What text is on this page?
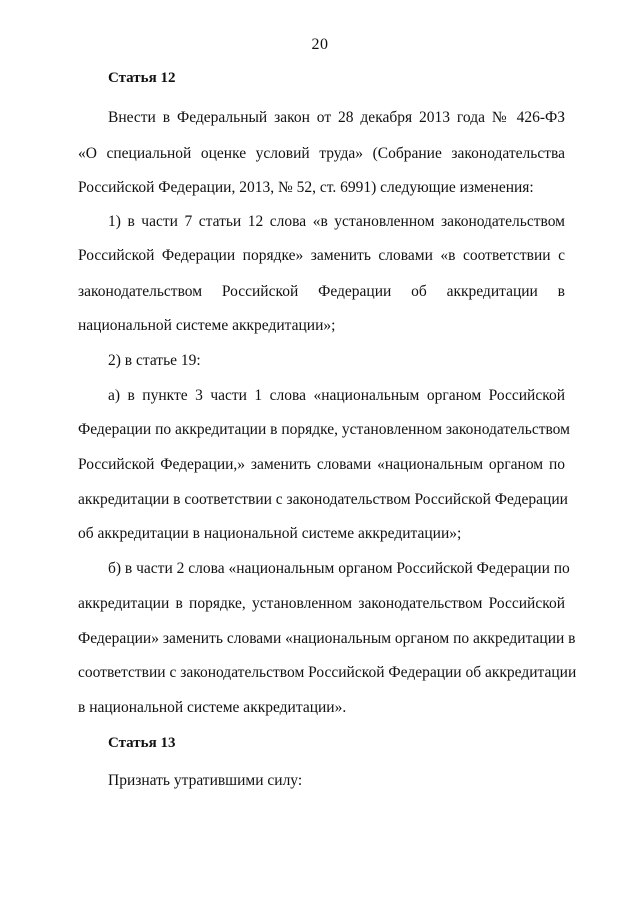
20
Статья 12
Внести в Федеральный закон от 28 декабря 2013 года № 426-ФЗ
«О специальной оценке условий труда» (Собрание законодательства
Российской Федерации, 2013, № 52, ст. 6991) следующие изменения:
1) в части 7 статьи 12 слова «в установленном законодательством
Российской Федерации порядке» заменить словами «в соответствии с
законодательством Российской Федерации об аккредитации в
национальной системе аккредитации»;
2) в статье 19:
а) в пункте 3 части 1 слова «национальным органом Российской
Федерации по аккредитации в порядке, установленном законодательством
Российской Федерации,» заменить словами «национальным органом по
аккредитации в соответствии с законодательством Российской Федерации
об аккредитации в национальной системе аккредитации»;
б) в части 2 слова «национальным органом Российской Федерации по
аккредитации в порядке, установленном законодательством Российской
Федерации» заменить словами «национальным органом по аккредитации в
соответствии с законодательством Российской Федерации об аккредитации
в национальной системе аккредитации».
Статья 13
Признать утратившими силу:
